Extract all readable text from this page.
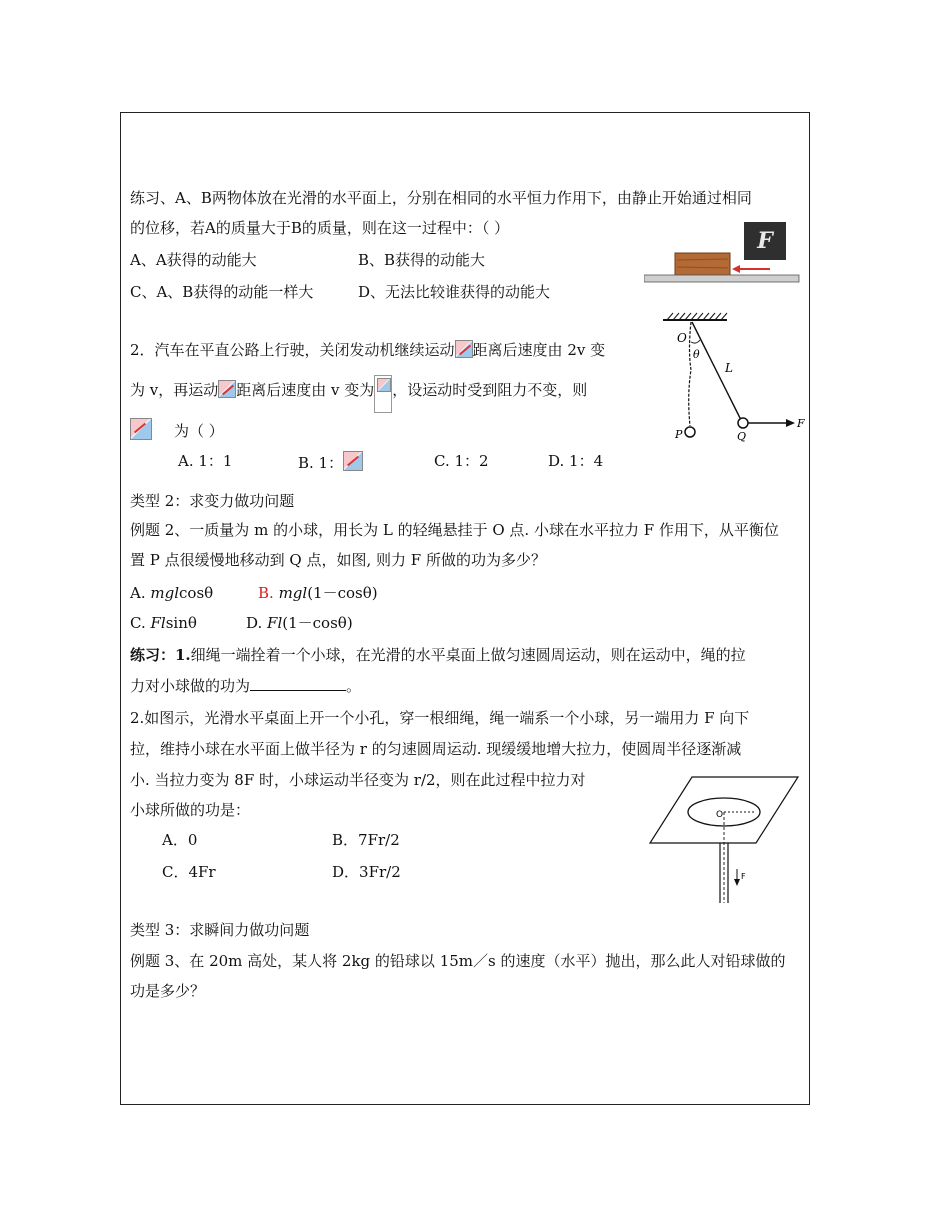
练习、A、B两物体放在光滑的水平面上，分别在相同的水平恒力作用下，由静止开始通过相同
的位移，若A的质量大于B的质量，则在这一过程中：（ ）
A、A获得的动能大	B、B获得的动能大
C、A、B获得的动能一样大	D、无法比较谁获得的动能大
F
2．汽车在平直公路上行驶，关闭发动机继续运动 距离后速度由 2v 变
为 v，再运动 距离后速度由 v 变为 ，设运动时受到阻力不变，则
为（ ）
A. 1：1	B. 1：	C. 1：2	D. 1：4
O
θ
L
P	Q
F
类型 2：求变力做功问题
例题 2、一质量为 m 的小球，用长为 L 的轻绳悬挂于 O 点. 小球在水平拉力 F 作用下，从平衡位
置 P 点很缓慢地移动到 Q 点，如图, 则力 F 所做的功为多少？
A. mglcosθ	B. mgl(1－cosθ)
C. Flsinθ	D. Fl(1－cosθ)
练习：1.细绳一端拴着一个小球，在光滑的水平桌面上做匀速圆周运动，则在运动中，绳的拉
力对小球做的功为	。
2.如图示，光滑水平桌面上开一个小孔，穿一根细绳，绳一端系一个小球，另一端用力 F 向下
拉，维持小球在水平面上做半径为 r 的匀速圆周运动. 现缓缓地增大拉力，使圆周半径逐渐减
小. 当拉力变为 8F 时，小球运动半径变为 r/2，则在此过程中拉力对
小球所做的功是：
A．0	B．7Fr/2
C．4Fr	D．3Fr/2
O
F
类型 3：求瞬间力做功问题
例题 3、在 20m 高处，某人将 2kg 的铅球以 15m／s 的速度（水平）抛出，那么此人对铅球做的
功是多少？
